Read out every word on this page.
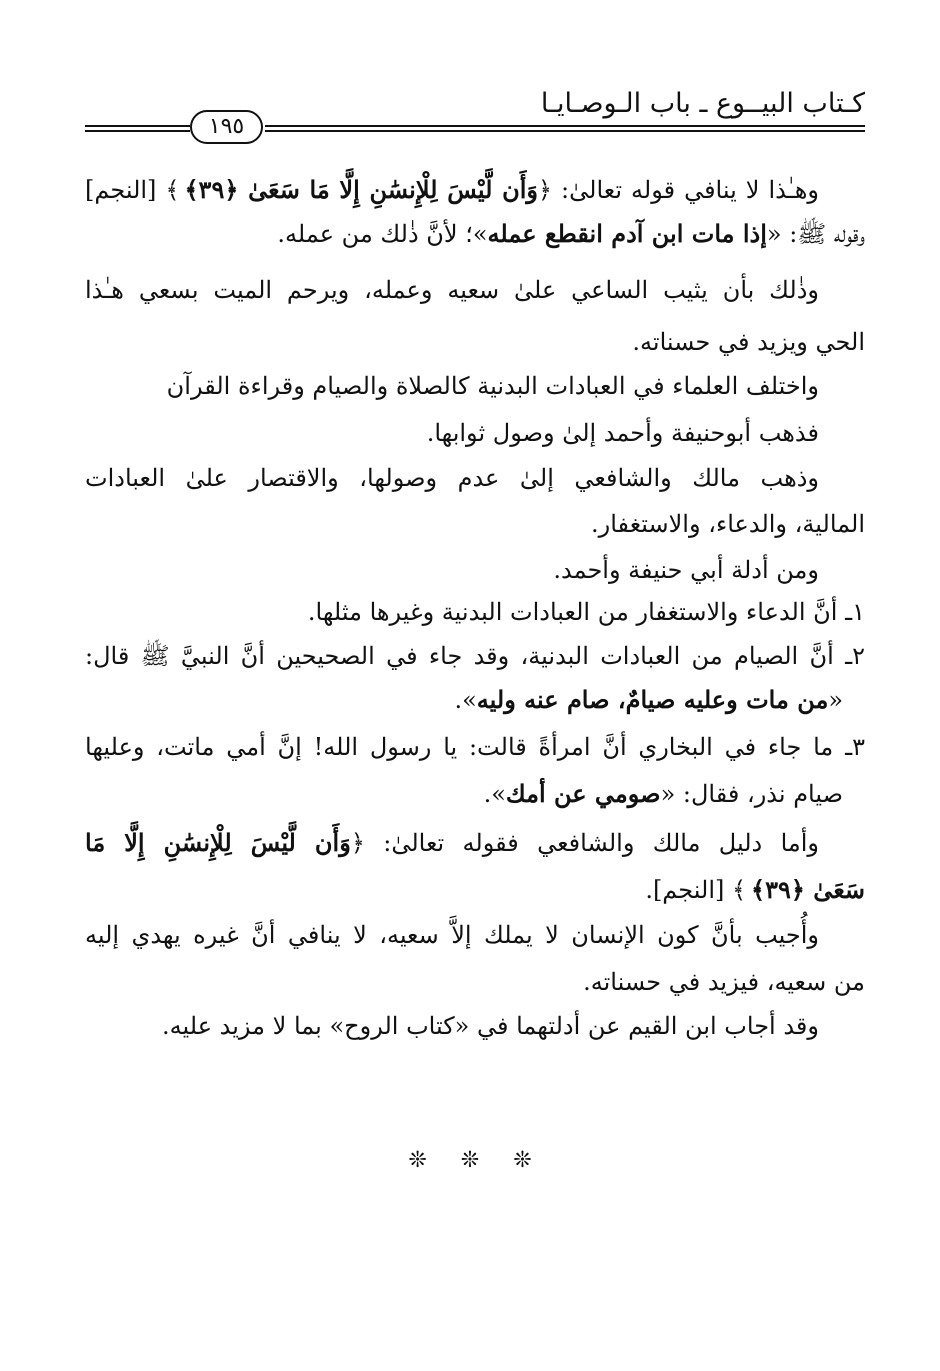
كـتاب البيــوع ـ باب الـوصـايـا
١٩٥
وهـٰذا لا ينافي قوله تعالىٰ: ﴿وَأَن لَّيْسَ لِلْإِنسَٰنِ إِلَّا مَا سَعَىٰ ﴿٣٩﴾﴾ [النجم]
وقوله ﷺ: «إذا مات ابن آدم انقطع عمله»؛ لأنَّ ذٰلك من عمله.
وذٰلك بأن يثيب الساعي علىٰ سعيه وعمله، ويرحم الميت بسعي هـٰذا
الحي ويزيد في حسناته.
واختلف العلماء في العبادات البدنية كالصلاة والصيام وقراءة القرآن
فذهب أبوحنيفة وأحمد إلىٰ وصول ثوابها.
وذهب مالك والشافعي إلىٰ عدم وصولها، والاقتصار علىٰ العبادات
المالية، والدعاء، والاستغفار.
ومن أدلة أبي حنيفة وأحمد.
١ـ أنَّ الدعاء والاستغفار من العبادات البدنية وغيرها مثلها.
٢ـ أنَّ الصيام من العبادات البدنية، وقد جاء في الصحيحين أنَّ النبيَّ ﷺ قال:
«من مات وعليه صيامٌ، صام عنه وليه».
٣ـ ما جاء في البخاري أنَّ امرأةً قالت: يا رسول الله! إنَّ أمي ماتت، وعليها
صيام نذر، فقال: «صومي عن أمك».
وأما دليل مالك والشافعي فقوله تعالىٰ: ﴿وَأَن لَّيْسَ لِلْإِنسَٰنِ إِلَّا مَا
سَعَىٰ ﴿٣٩﴾﴾ [النجم].
وأُجيب بأنَّ كون الإنسان لا يملك إلاَّ سعيه، لا ينافي أنَّ غيره يهدي إليه
من سعيه، فيزيد في حسناته.
وقد أجاب ابن القيم عن أدلتهما في «كتاب الروح» بما لا مزيد عليه.
❊ ❊ ❊
